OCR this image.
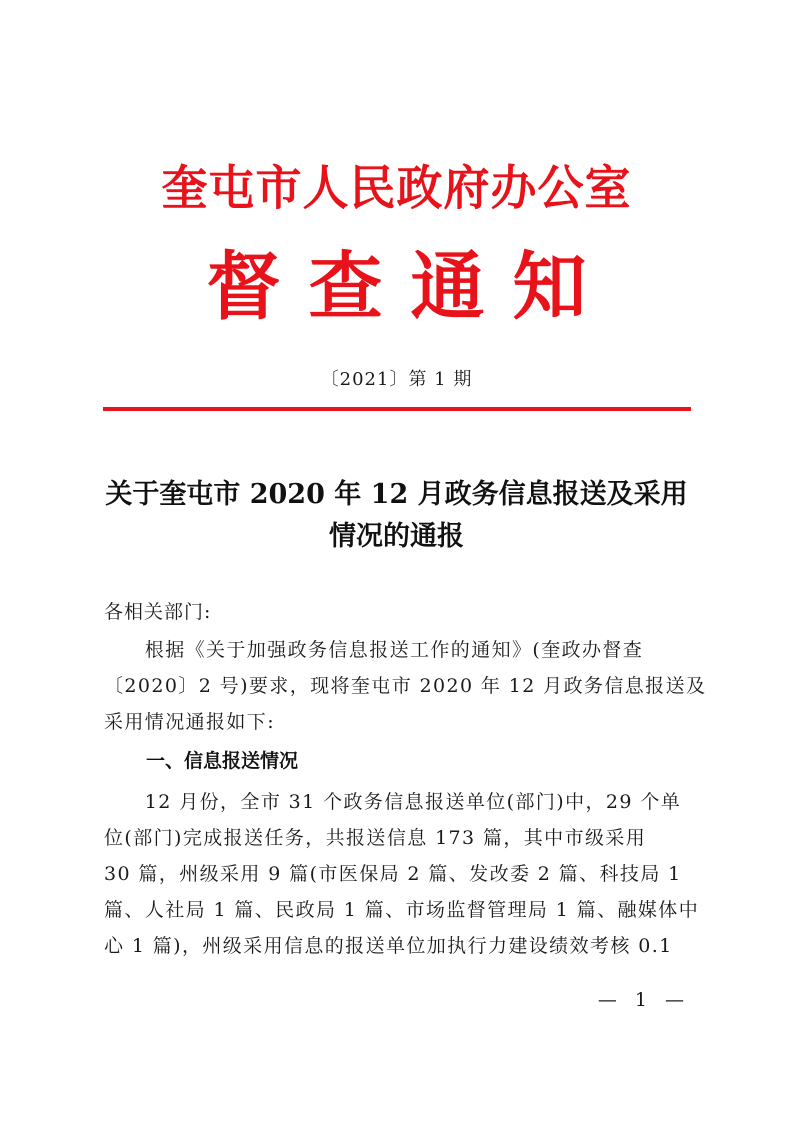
奎屯市人民政府办公室
督查通知
〔2021〕第 1 期
关于奎屯市 2020 年 12 月政务信息报送及采用
情况的通报
各相关部门:
　　根据《关于加强政务信息报送工作的通知》(奎政办督查
〔2020〕2 号)要求，现将奎屯市 2020 年 12 月政务信息报送及
采用情况通报如下:
一、信息报送情况
　　12 月份，全市 31 个政务信息报送单位(部门)中，29 个单
位(部门)完成报送任务，共报送信息 173 篇，其中市级采用
30 篇，州级采用 9 篇(市医保局 2 篇、发改委 2 篇、科技局 1
篇、人社局 1 篇、民政局 1 篇、市场监督管理局 1 篇、融媒体中
心 1 篇)，州级采用信息的报送单位加执行力建设绩效考核 0.1
— 1 —
